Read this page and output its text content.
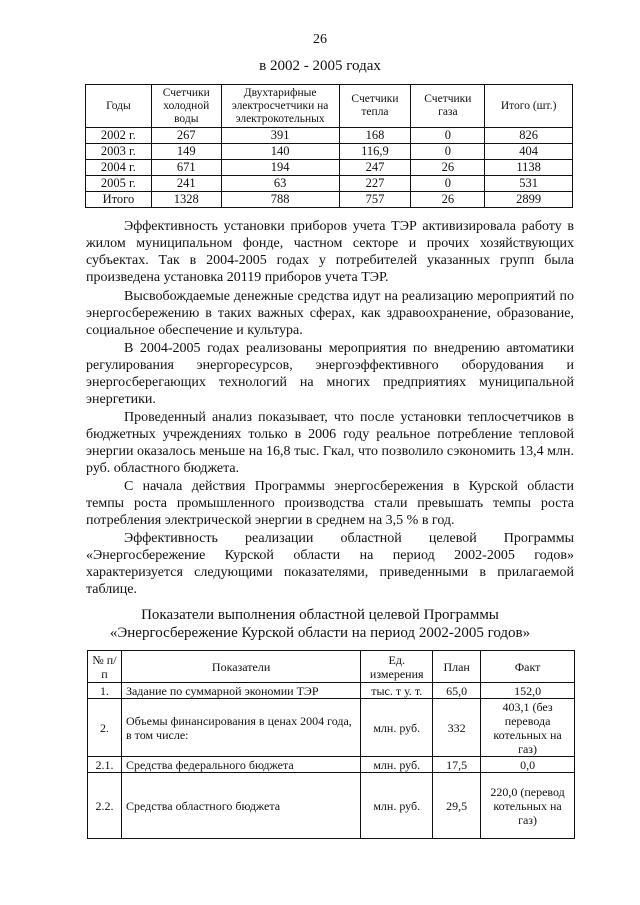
26
в 2002 - 2005 годах
Годы	Счетчики холодной воды	Двухтарифные электросчетчики на электрокотельных	Счетчики тепла	Счетчики газа	Итого (шт.)
2002 г.	267	391	168	0	826
2003 г.	149	140	116,9	0	404
2004 г.	671	194	247	26	1138
2005 г.	241	63	227	0	531
Итого	1328	788	757	26	2899

Эффективность установки приборов учета ТЭР активизировала работу в жилом муниципальном фонде, частном секторе и прочих хозяйствующих субъектах. Так в 2004-2005 годах у потребителей указанных групп была произведена установка 20119 приборов учета ТЭР.

Высвобождаемые денежные средства идут на реализацию мероприятий по энергосбережению в таких важных сферах, как здравоохранение, образование, социальное обеспечение и культура.

В 2004-2005 годах реализованы мероприятия по внедрению автоматики регулирования энергоресурсов, энергоэффективного оборудования и энергосберегающих технологий на многих предприятиях муниципальной энергетики.

Проведенный анализ показывает, что после установки теплосчетчиков в бюджетных учреждениях только в 2006 году реальное потребление тепловой энергии оказалось меньше на 16,8 тыс. Гкал, что позволило сэкономить 13,4 млн. руб. областного бюджета.

С начала действия Программы энергосбережения в Курской области темпы роста промышленного производства стали превышать темпы роста потребления электрической энергии в среднем на 3,5 % в год.

Эффективность реализации областной целевой Программы «Энергосбережение Курской области на период 2002-2005 годов» характеризуется следующими показателями, приведенными в прилагаемой таблице.

Показатели выполнения областной целевой Программы
«Энергосбережение Курской области на период 2002-2005 годов»
№ п/п	Показатели	Ед. измерения	План	Факт
1.	Задание по суммарной экономии ТЭР	тыс. т у. т.	65,0	152,0
2.	Объемы финансирования в ценах 2004 года, в том числе:	млн. руб.	332	403,1 (без перевода котельных на газ)
2.1.	Средства федерального бюджета	млн. руб.	17,5	0,0
2.2.	Средства областного бюджета	млн. руб.	29,5	220,0 (перевод котельных на газ)
